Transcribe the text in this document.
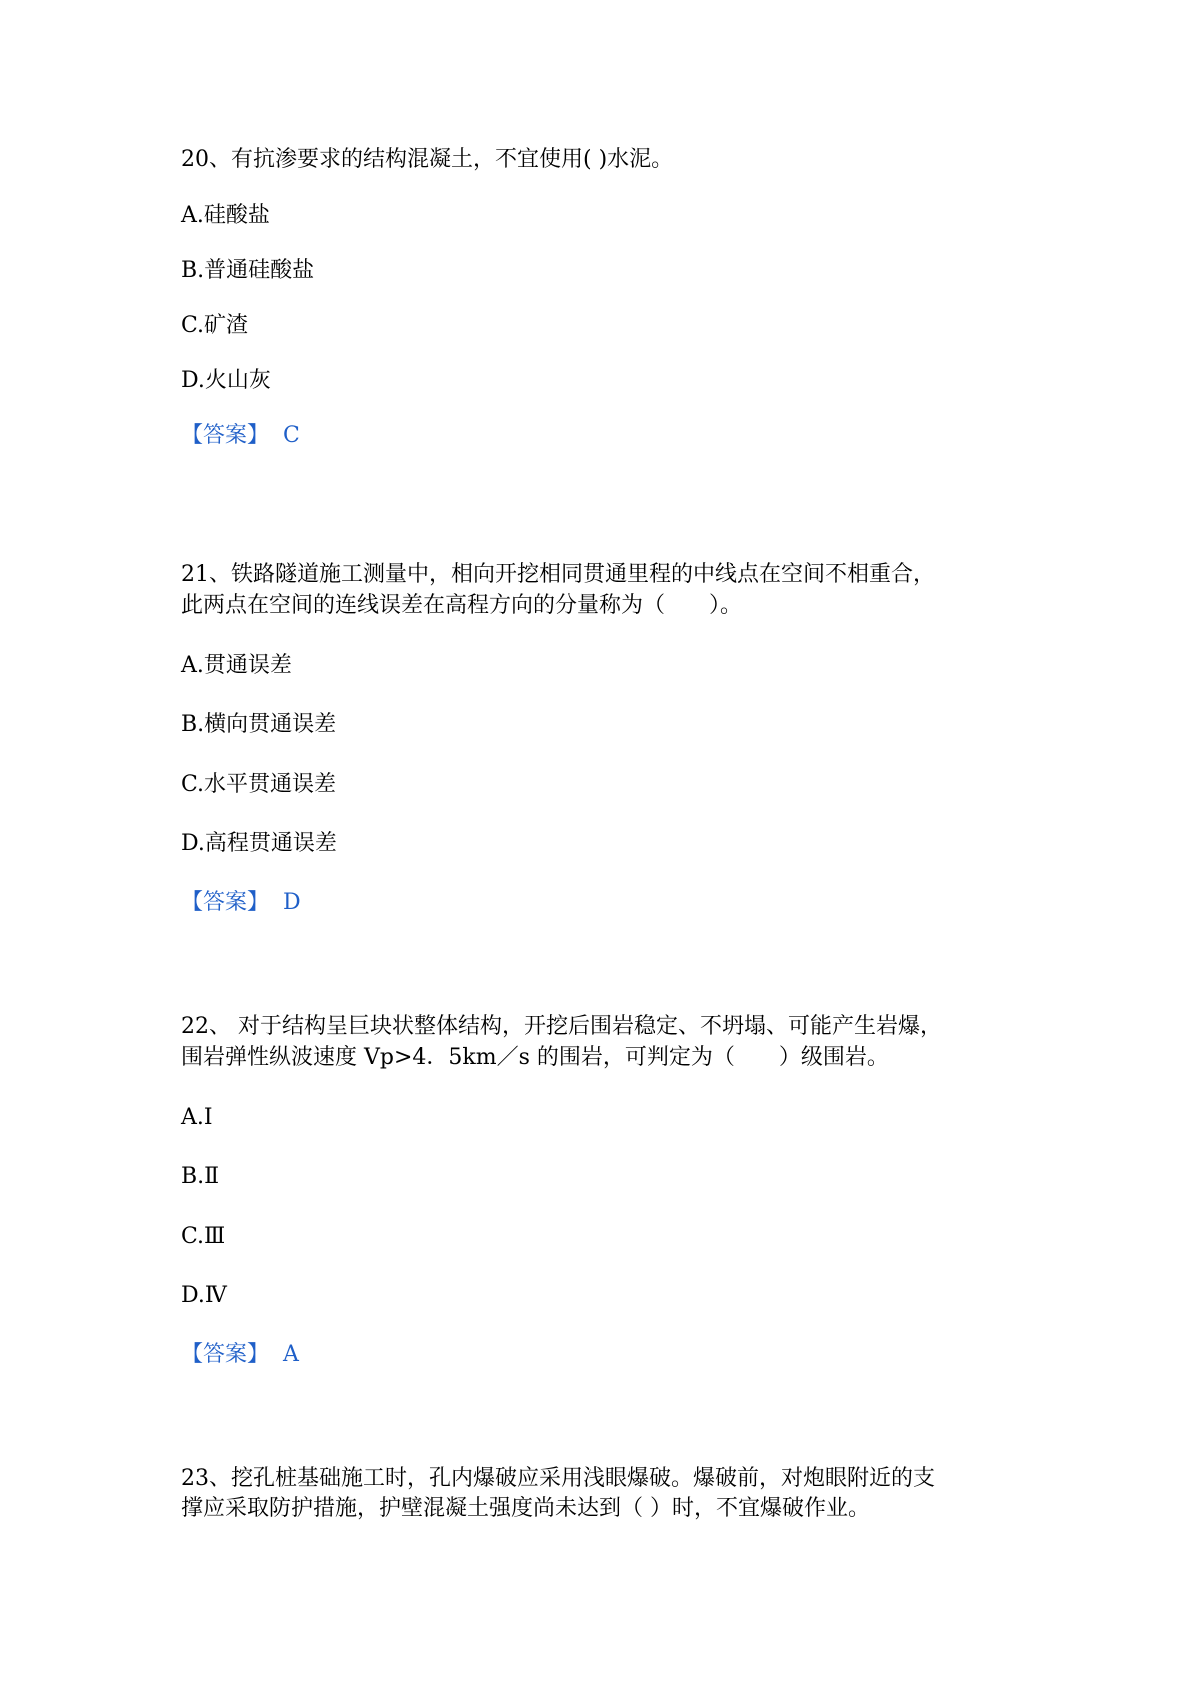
20、有抗渗要求的结构混凝土，不宜使用( )水泥。
A.硅酸盐
B.普通硅酸盐
C.矿渣
D.火山灰
【答案】 C
21、铁路隧道施工测量中，相向开挖相同贯通里程的中线点在空间不相重合，
此两点在空间的连线误差在高程方向的分量称为（　　）。
A.贯通误差
B.横向贯通误差
C.水平贯通误差
D.高程贯通误差
【答案】 D
22、 对于结构呈巨块状整体结构，开挖后围岩稳定、不坍塌、可能产生岩爆，
围岩弹性纵波速度 Vp>4．5km／s 的围岩，可判定为（　　）级围岩。
A.Ⅰ
B.Ⅱ
C.Ⅲ
D.Ⅳ
【答案】 A
23、挖孔桩基础施工时，孔内爆破应采用浅眼爆破。爆破前，对炮眼附近的支
撑应采取防护措施，护壁混凝土强度尚未达到（ ）时，不宜爆破作业。
